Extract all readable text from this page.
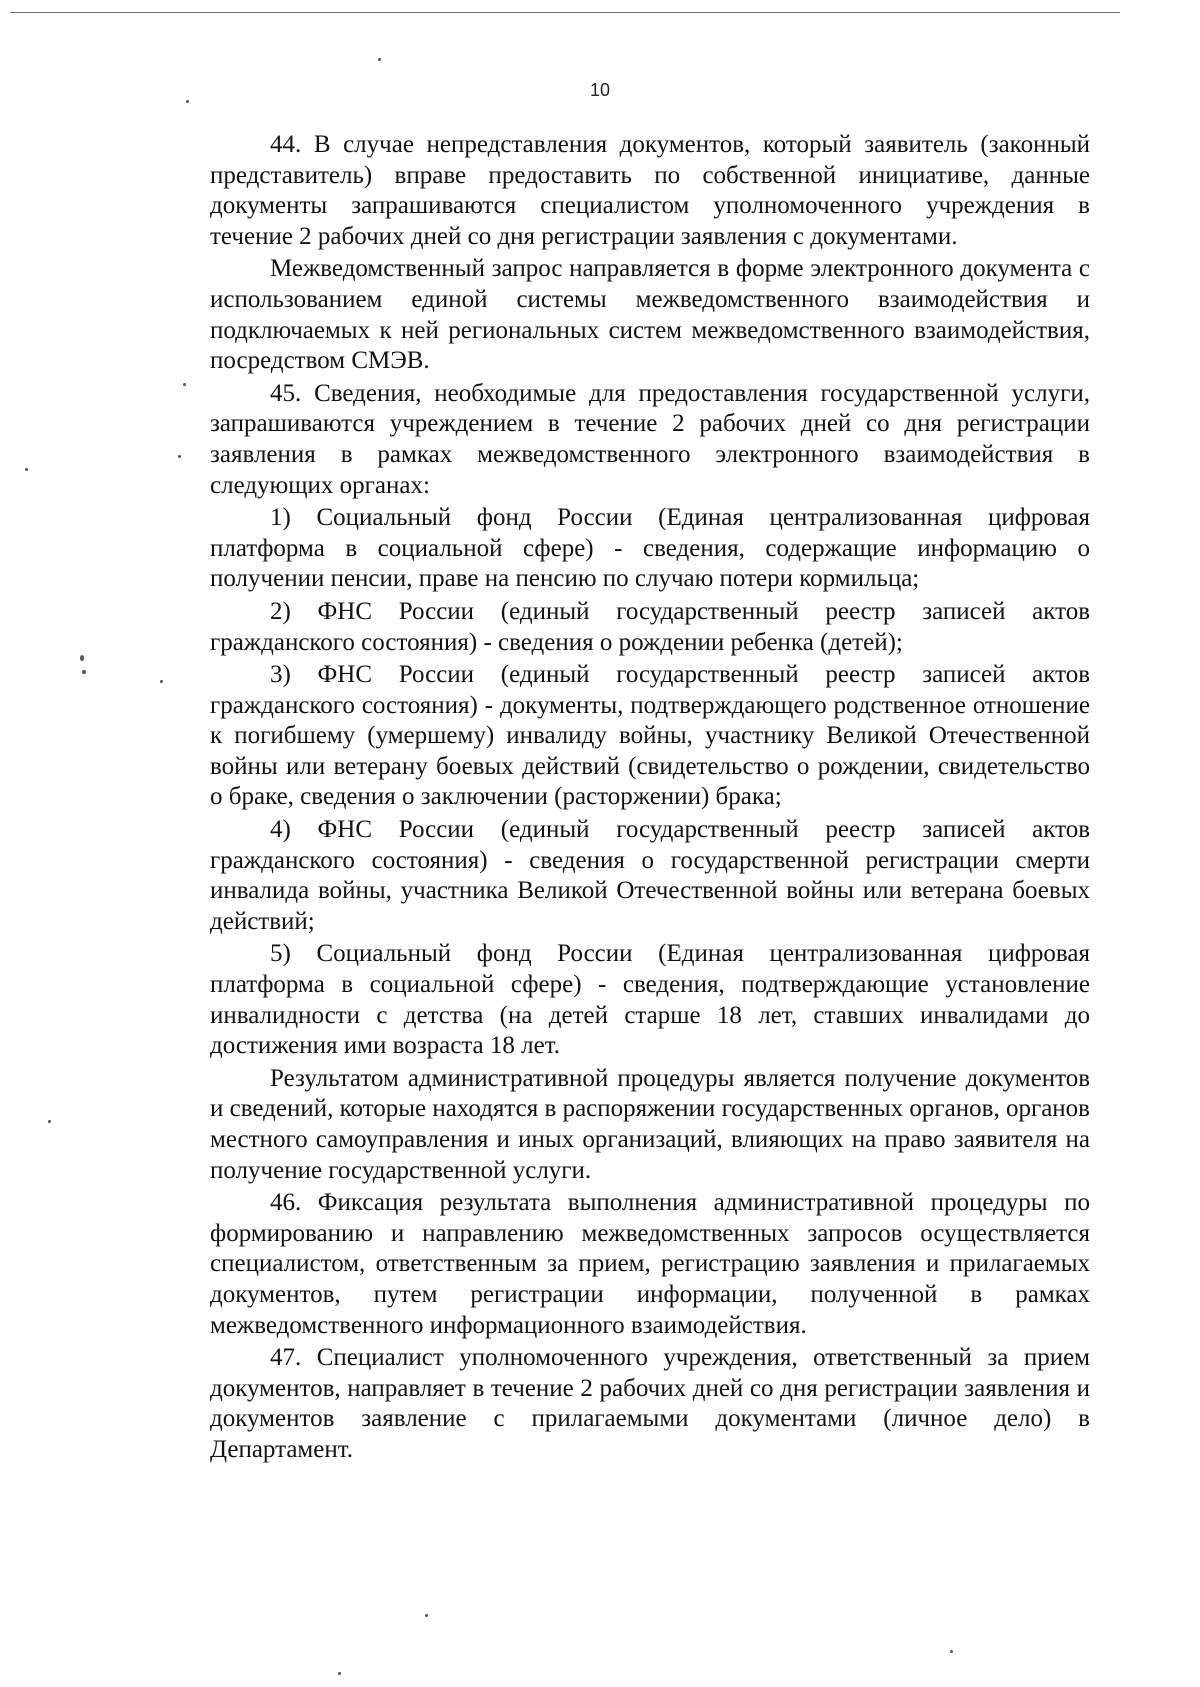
10

44. В случае непредставления документов, который заявитель (законный представитель) вправе предоставить по собственной инициативе, данные документы запрашиваются специалистом уполномоченного учреждения в течение 2 рабочих дней со дня регистрации заявления с документами.

Межведомственный запрос направляется в форме электронного документа с использованием единой системы межведомственного взаимодействия и подключаемых к ней региональных систем межведомственного взаимодействия, посредством СМЭВ.

45. Сведения, необходимые для предоставления государственной услуги, запрашиваются учреждением в течение 2 рабочих дней со дня регистрации заявления в рамках межведомственного электронного взаимодействия в следующих органах:

1) Социальный фонд России (Единая централизованная цифровая платформа в социальной сфере) - сведения, содержащие информацию о получении пенсии, праве на пенсию по случаю потери кормильца;

2) ФНС России (единый государственный реестр записей актов гражданского состояния) - сведения о рождении ребенка (детей);

3) ФНС России (единый государственный реестр записей актов гражданского состояния) - документы, подтверждающего родственное отношение к погибшему (умершему) инвалиду войны, участнику Великой Отечественной войны или ветерану боевых действий (свидетельство о рождении, свидетельство о браке, сведения о заключении (расторжении) брака;

4) ФНС России (единый государственный реестр записей актов гражданского состояния) - сведения о государственной регистрации смерти инвалида войны, участника Великой Отечественной войны или ветерана боевых действий;

5) Социальный фонд России (Единая централизованная цифровая платформа в социальной сфере) - сведения, подтверждающие установление инвалидности с детства (на детей старше 18 лет, ставших инвалидами до достижения ими возраста 18 лет.

Результатом административной процедуры является получение документов и сведений, которые находятся в распоряжении государственных органов, органов местного самоуправления и иных организаций, влияющих на право заявителя на получение государственной услуги.

46. Фиксация результата выполнения административной процедуры по формированию и направлению межведомственных запросов осуществляется специалистом, ответственным за прием, регистрацию заявления и прилагаемых документов, путем регистрации информации, полученной в рамках межведомственного информационного взаимодействия.

47. Специалист уполномоченного учреждения, ответственный за прием документов, направляет в течение 2 рабочих дней со дня регистрации заявления и документов заявление с прилагаемыми документами (личное дело) в Департамент.
